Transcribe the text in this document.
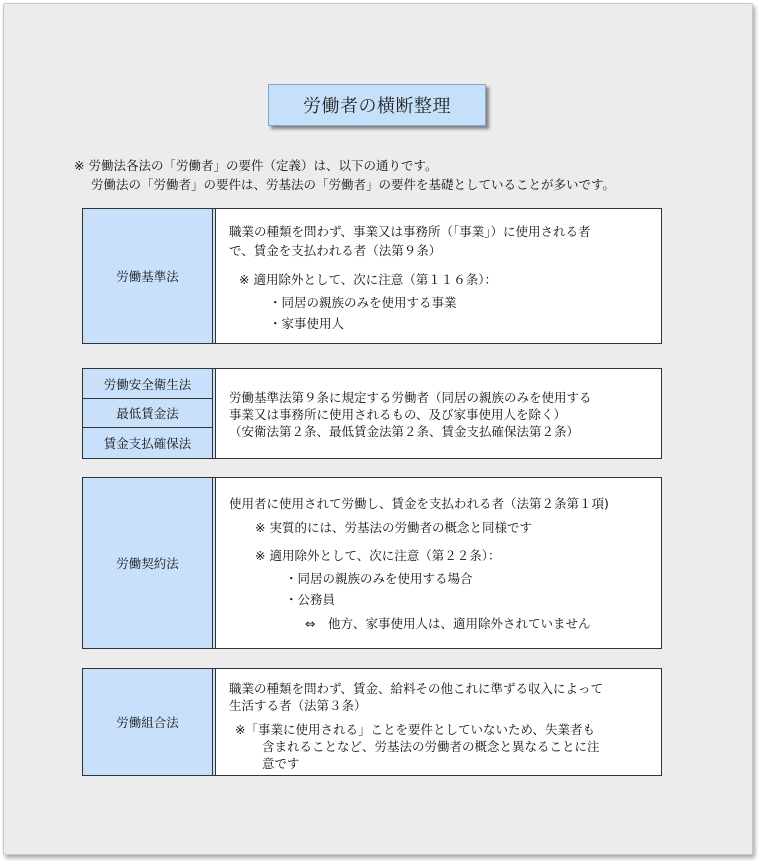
労働者の横断整理
※ 労働法各法の「労働者」の要件（定義）は、以下の通りです。
労働法の「労働者」の要件は、労基法の「労働者」の要件を基礎としていることが多いです。
労働基準法
職業の種類を問わず、事業又は事務所（「事業」）に使用される者
で、賃金を支払われる者（法第９条）
※ 適用除外として、次に注意（第１１６条）：
・同居の親族のみを使用する事業
・家事使用人
労働安全衛生法
最低賃金法
賃金支払確保法
労働基準法第９条に規定する労働者（同居の親族のみを使用する
事業又は事務所に使用されるもの、及び家事使用人を除く）
（安衛法第２条、最低賃金法第２条、賃金支払確保法第２条）
労働契約法
使用者に使用されて労働し、賃金を支払われる者（法第２条第１項)
※ 実質的には、労基法の労働者の概念と同様です
※ 適用除外として、次に注意（第２２条）：
・同居の親族のみを使用する場合
・公務員
⇔　他方、家事使用人は、適用除外されていません
労働組合法
職業の種類を問わず、賃金、給料その他これに準ずる収入によって
生活する者（法第３条）
※「事業に使用される」ことを要件としていないため、失業者も
含まれることなど、労基法の労働者の概念と異なることに注
意です
